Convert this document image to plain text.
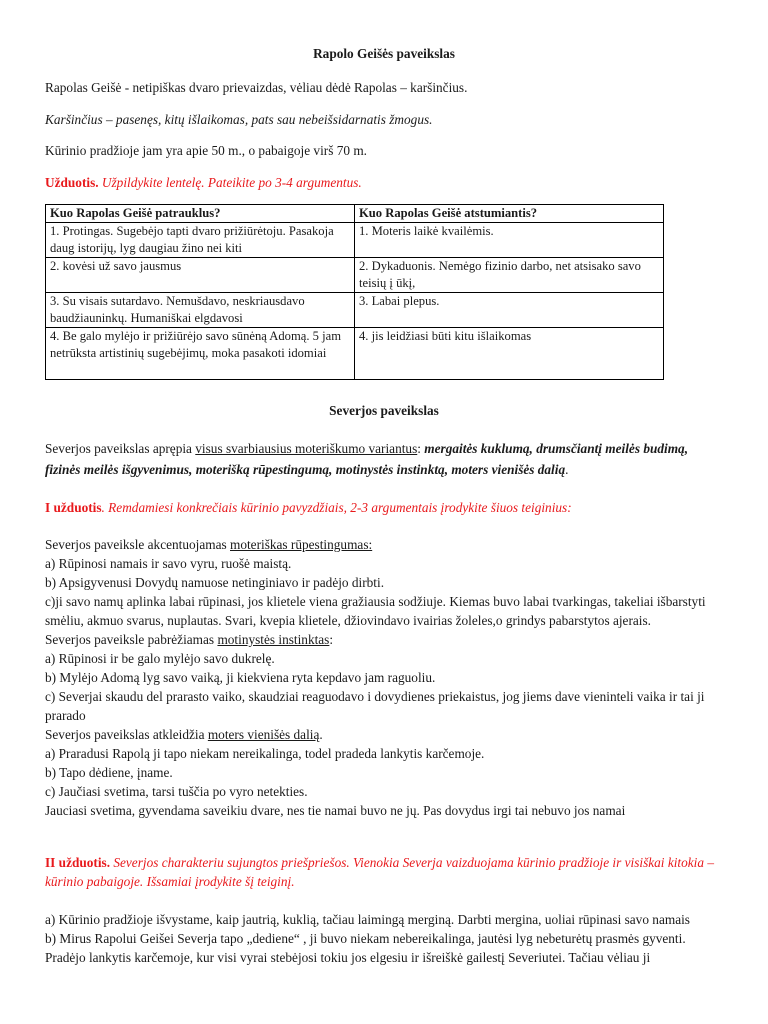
Rapolo Geišės paveikslas

Rapolas Geišė - netipiškas dvaro prievaizdas, vėliau dėdė Rapolas – karšinčius.

Karšinčius – pasenęs, kitų išlaikomas, pats sau nebeišsidarnatis žmogus.

Kūrinio pradžioje jam yra apie 50 m., o pabaigoje virš 70 m.

Užduotis. Užpildykite lentelę. Pateikite po 3-4 argumentus.

Kuo Rapolas Geišė patrauklus?	Kuo Rapolas Geišė atstumiantis?
1. Protingas. Sugebėjo tapti dvaro prižiūrėtoju. Pasakoja daug istorijų, lyg daugiau žino nei kiti	1. Moteris laikė kvailėmis.
2. kovėsi už savo jausmus	2. Dykaduonis. Nemėgo fizinio darbo, net atsisako savo teisių į ūkį,
3. Su visais sutardavo. Nemušdavo, neskriausdavo baudžiauninkų. Humaniškai elgdavosi	3. Labai plepus.
4. Be galo mylėjo ir prižiūrėjo savo sūnėną Adomą. 5 jam netrūksta artistinių sugebėjimų, moka pasakoti idomiai	4. jis leidžiasi būti kitu išlaikomas

Severjos paveikslas

Severjos paveikslas aprępia visus svarbiausius moteriškumo variantus: mergaitės kuklumą, drumsčiantį meilės budimą,
fizinės meilės išgyvenimus, moterišką rūpestingumą, motinystės instinktą, moters vienišės dalią.

I užduotis. Remdamiesi konkrečiais kūrinio pavyzdžiais, 2-3 argumentais įrodykite šiuos teiginius:

Severjos paveiksle akcentuojamas moteriškas rūpestingumas:
a) Rūpinosi namais ir savo vyru, ruošė maistą.
b) Apsigyvenusi Dovydų namuose netinginiavo ir padėjo dirbti.
c)ji savo namų aplinka labai rūpinasi, jos klietele viena gražiausia sodžiuje. Kiemas buvo labai tvarkingas, takeliai išbarstyti smėliu, akmuo svarus, nuplautas. Svari, kvepia klietele, džiovindavo ivairias žoleles,o grindys pabarstytos ajerais.
Severjos paveiksle pabrėžiamas motinystės instinktas:
a) Rūpinosi ir be galo mylėjo savo dukrelę.
b) Mylėjo Adomą lyg savo vaiką, ji kiekviena ryta kepdavo jam raguoliu.
c) Severjai skaudu del prarasto vaiko, skaudziai reaguodavo i dovydienes priekaistus, jog jiems dave vieninteli vaika ir tai ji prarado
Severjos paveikslas atkleidžia moters vienišės dalią.
a) Praradusi Rapolą ji tapo niekam nereikalinga, todel pradeda lankytis karčemoje.
b) Tapo dėdiene, įname.
c) Jaučiasi svetima, tarsi tuščia po vyro netekties.
Jauciasi svetima, gyvendama saveikiu dvare, nes tie namai buvo ne jų. Pas dovydus irgi tai nebuvo jos namai

II užduotis. Severjos charakteriu sujungtos priešpriešos. Vienokia Severja vaizduojama kūrinio pradžioje ir visiškai kitokia – kūrinio pabaigoje. Išsamiai įrodykite šį teiginį.

a) Kūrinio pradžioje išvystame, kaip jautrią, kuklią, tačiau laimingą merginą. Darbti mergina, uoliai rūpinasi savo namais
b) Mirus Rapolui Geišei Severja tapo „dediene“ , ji buvo niekam nebereikalinga, jautėsi lyg nebeturėtų prasmės gyventi.
Pradėjo lankytis karčemoje, kur visi vyrai stebėjosi tokiu jos elgesiu ir išreiškė gailestį Severiutei. Tačiau vėliau ji
